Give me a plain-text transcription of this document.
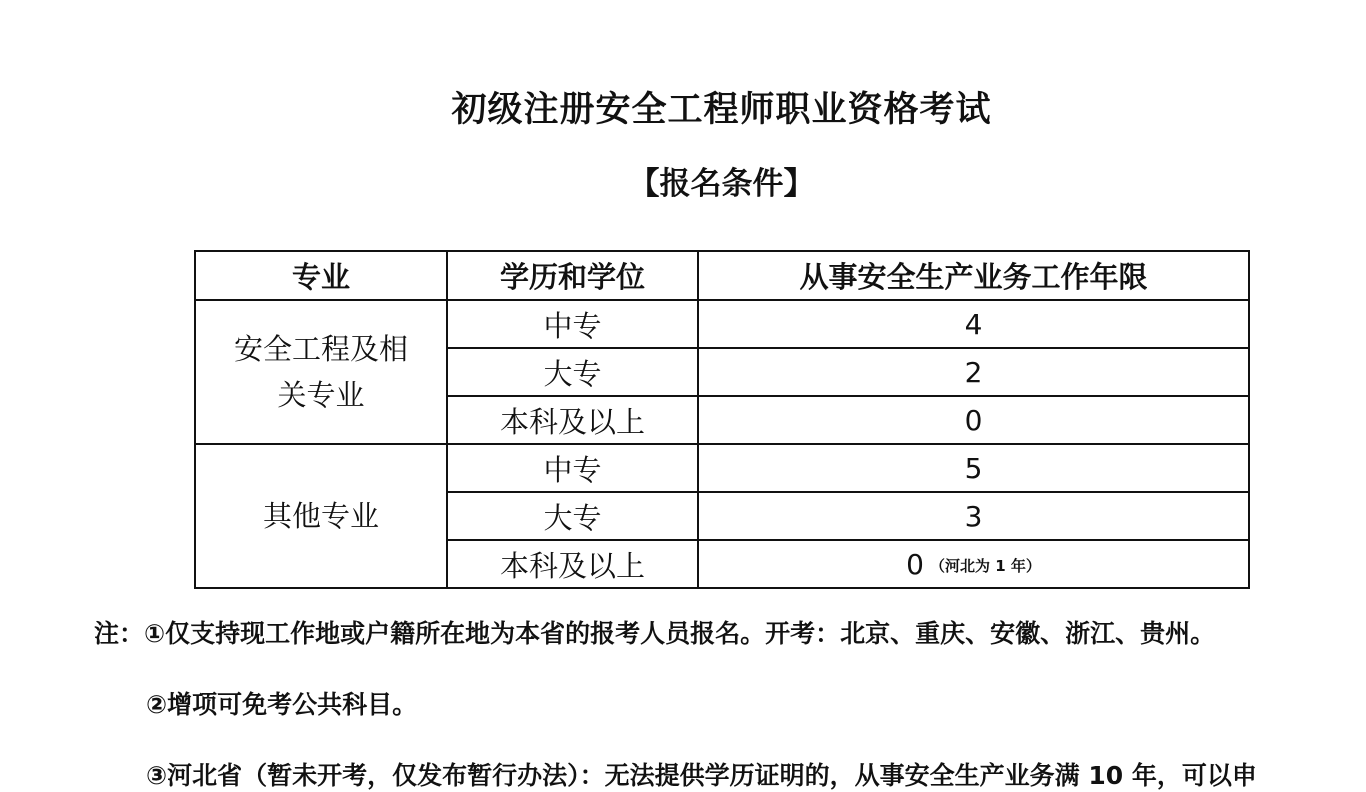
初级注册安全工程师职业资格考试
【报名条件】
专业	学历和学位	从事安全生产业务工作年限

安全工程及相关专业	中专	4
	大专	2
	本科及以上	0

其他专业	中专	5
	大专	3
	本科及以上	0 （河北为 1 年）
注：①仅支持现工作地或户籍所在地为本省的报考人员报名。开考：北京、重庆、安徽、浙江、贵州。
②增项可免考公共科目。
③河北省（暂未开考，仅发布暂行办法）：无法提供学历证明的，从事安全生产业务满 10 年，可以申
